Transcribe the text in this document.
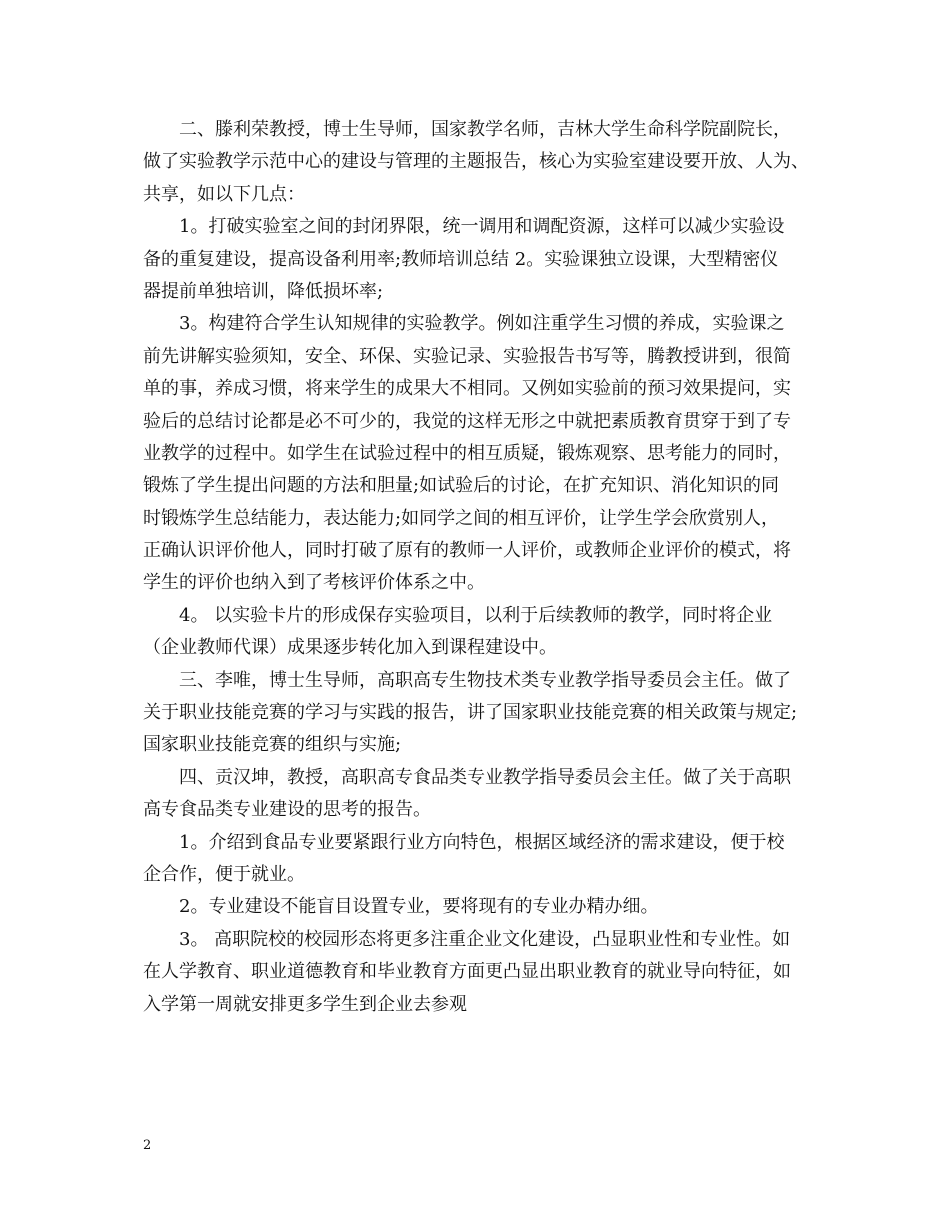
二、滕利荣教授，博士生导师，国家教学名师，吉林大学生命科学院副院长，
做了实验教学示范中心的建设与管理的主题报告，核心为实验室建设要开放、人为、
共享，如以下几点：
1。打破实验室之间的封闭界限，统一调用和调配资源，这样可以减少实验设
备的重复建设，提高设备利用率;教师培训总结 2。实验课独立设课，大型精密仪
器提前单独培训，降低损坏率;
3。构建符合学生认知规律的实验教学。例如注重学生习惯的养成，实验课之
前先讲解实验须知，安全、环保、实验记录、实验报告书写等，腾教授讲到，很简
单的事，养成习惯，将来学生的成果大不相同。又例如实验前的预习效果提问，实
验后的总结讨论都是必不可少的，我觉的这样无形之中就把素质教育贯穿于到了专
业教学的过程中。如学生在试验过程中的相互质疑，锻炼观察、思考能力的同时，
锻炼了学生提出问题的方法和胆量;如试验后的讨论，在扩充知识、消化知识的同
时锻炼学生总结能力，表达能力;如同学之间的相互评价，让学生学会欣赏别人，
正确认识评价他人，同时打破了原有的教师一人评价，或教师企业评价的模式，将
学生的评价也纳入到了考核评价体系之中。
4。 以实验卡片的形成保存实验项目，以利于后续教师的教学，同时将企业
（企业教师代课）成果逐步转化加入到课程建设中。
三、李唯，博士生导师，高职高专生物技术类专业教学指导委员会主任。做了
关于职业技能竞赛的学习与实践的报告，讲了国家职业技能竞赛的相关政策与规定;
国家职业技能竞赛的组织与实施;
四、贡汉坤，教授，高职高专食品类专业教学指导委员会主任。做了关于高职
高专食品类专业建设的思考的报告。
1。介绍到食品专业要紧跟行业方向特色，根据区域经济的需求建设，便于校
企合作，便于就业。
2。专业建设不能盲目设置专业，要将现有的专业办精办细。
3。 高职院校的校园形态将更多注重企业文化建设，凸显职业性和专业性。如
在人学教育、职业道德教育和毕业教育方面更凸显出职业教育的就业导向特征，如
入学第一周就安排更多学生到企业去参观
2
